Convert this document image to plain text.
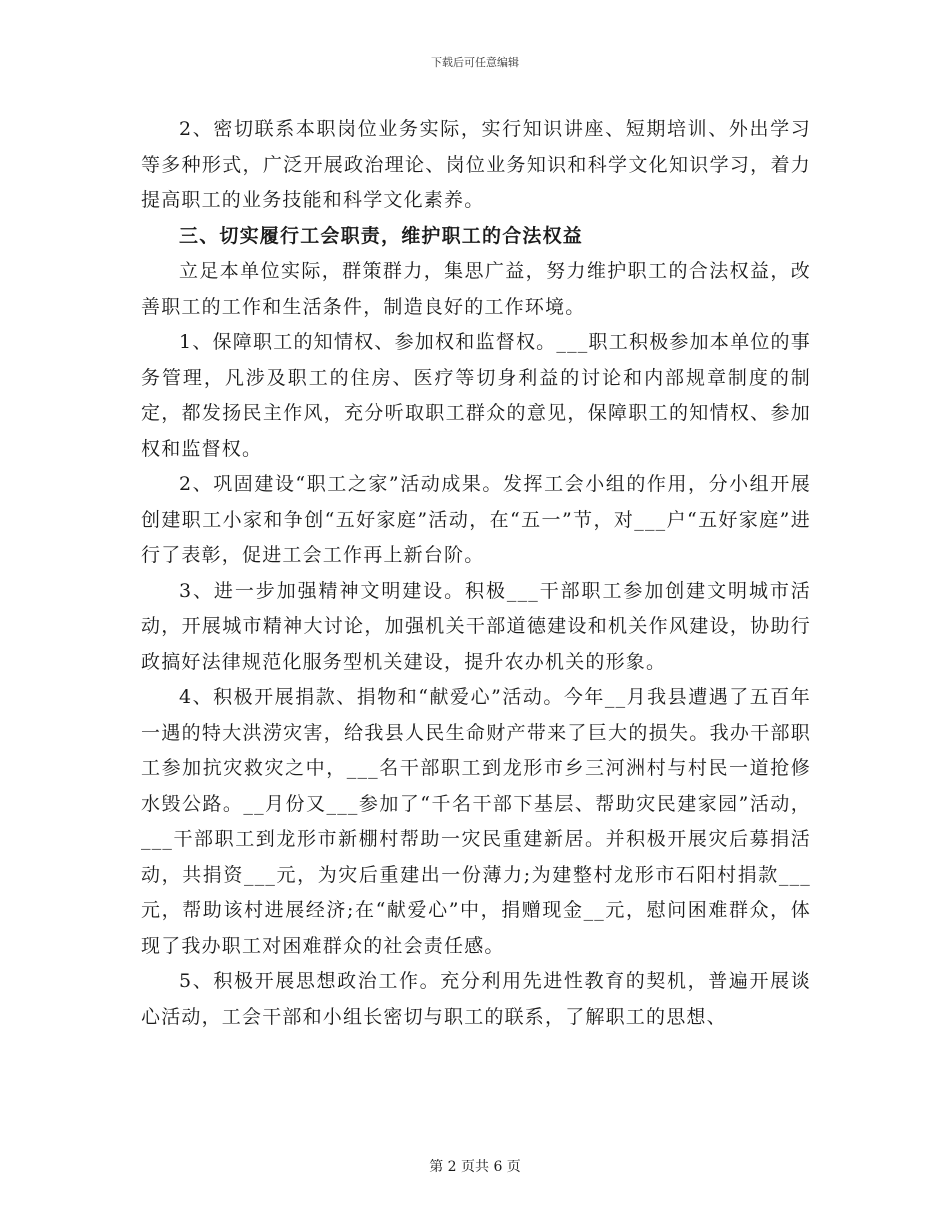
下载后可任意编辑

2、密切联系本职岗位业务实际，实行知识讲座、短期培训、外出学习等多种形式，广泛开展政治理论、岗位业务知识和科学文化知识学习，着力提高职工的业务技能和科学文化素养。

三、切实履行工会职责，维护职工的合法权益

立足本单位实际，群策群力，集思广益，努力维护职工的合法权益，改善职工的工作和生活条件，制造良好的工作环境。

1、保障职工的知情权、参加权和监督权。___职工积极参加本单位的事务管理，凡涉及职工的住房、医疗等切身利益的讨论和内部规章制度的制定，都发扬民主作风，充分听取职工群众的意见，保障职工的知情权、参加权和监督权。

2、巩固建设“职工之家”活动成果。发挥工会小组的作用，分小组开展创建职工小家和争创“五好家庭”活动，在“五一”节，对___户“五好家庭”进行了表彰，促进工会工作再上新台阶。

3、进一步加强精神文明建设。积极___干部职工参加创建文明城市活动，开展城市精神大讨论，加强机关干部道德建设和机关作风建设，协助行政搞好法律规范化服务型机关建设，提升农办机关的形象。

4、积极开展捐款、捐物和“献爱心”活动。今年__月我县遭遇了五百年一遇的特大洪涝灾害，给我县人民生命财产带来了巨大的损失。我办干部职工参加抗灾救灾之中，___名干部职工到龙形市乡三河洲村与村民一道抢修水毁公路。__月份又___参加了“千名干部下基层、帮助灾民建家园”活动，___干部职工到龙形市新棚村帮助一灾民重建新居。并积极开展灾后募捐活动，共捐资___元，为灾后重建出一份薄力;为建整村龙形市石阳村捐款___元，帮助该村进展经济;在“献爱心”中，捐赠现金__元，慰问困难群众，体现了我办职工对困难群众的社会责任感。

5、积极开展思想政治工作。充分利用先进性教育的契机，普遍开展谈心活动，工会干部和小组长密切与职工的联系，了解职工的思想、

第 2 页共 6 页
